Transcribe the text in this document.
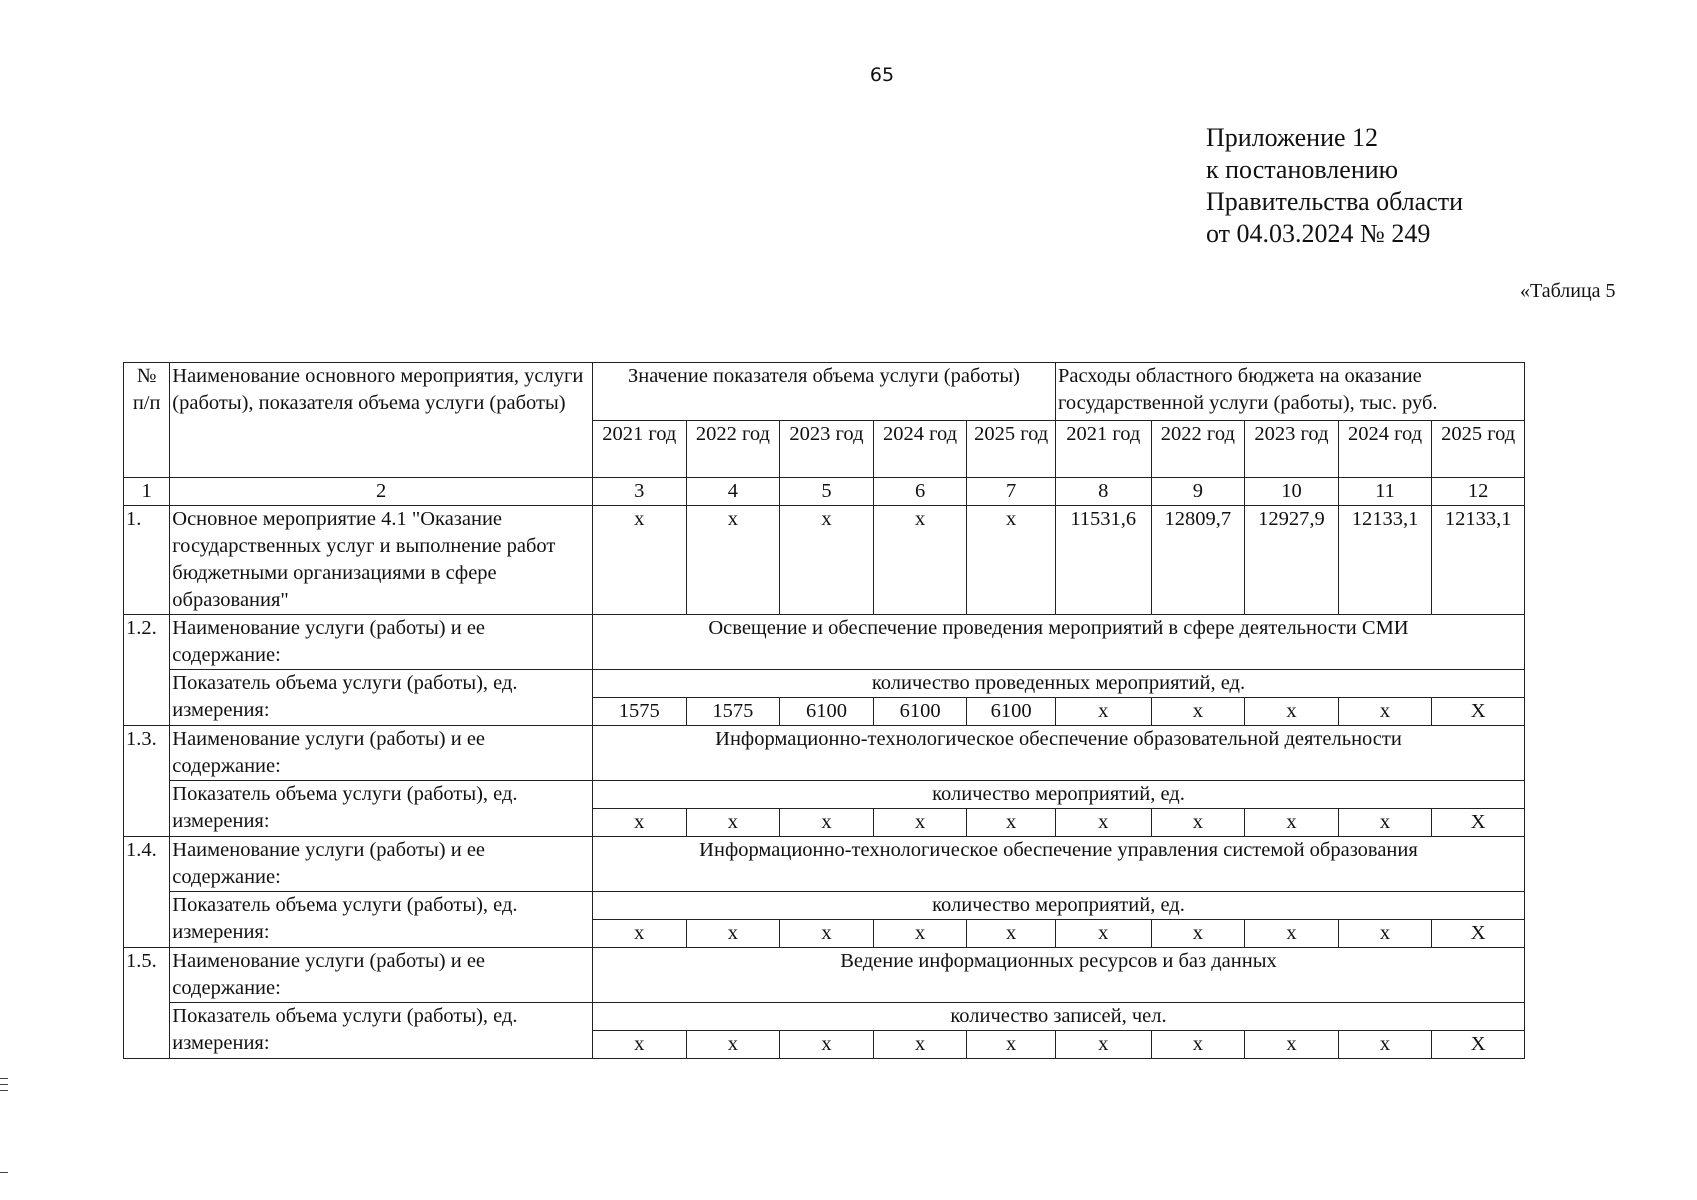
65
Приложение 12
к постановлению
Правительства области
от 04.03.2024 № 249
«Таблица 5
№ п/п	Наименование основного мероприятия, услуги (работы), показателя объема услуги (работы)	Значение показателя объема услуги (работы)					Расходы областного бюджета на оказание государственной услуги (работы), тыс. руб.				
		2021 год	2022 год	2023 год	2024 год	2025 год	2021 год	2022 год	2023 год	2024 год	2025 год
1	2	3	4	5	6	7	8	9	10	11	12
1.	Основное мероприятие 4.1 "Оказание государственных услуг и выполнение работ бюджетными организациями в сфере образования"	х	х	х	х	х	11531,6	12809,7	12927,9	12133,1	12133,1
1.2.	Наименование услуги (работы) и ее содержание:	Освещение и обеспечение проведения мероприятий в сфере деятельности СМИ									
	Показатель объема услуги (работы), ед. измерения:	количество проведенных мероприятий, ед.									
		1575	1575	6100	6100	6100	х	х	х	х	Х
1.3.	Наименование услуги (работы) и ее содержание:	Информационно-технологическое обеспечение образовательной деятельности									
	Показатель объема услуги (работы), ед. измерения:	количество мероприятий, ед.									
		х	х	х	х	х	х	х	х	х	Х
1.4.	Наименование услуги (работы) и ее содержание:	Информационно-технологическое обеспечение управления системой образования									
	Показатель объема услуги (работы), ед. измерения:	количество мероприятий, ед.									
		х	х	х	х	х	х	х	х	х	Х
1.5.	Наименование услуги (работы) и ее содержание:	Ведение информационных ресурсов и баз данных									
	Показатель объема услуги (работы), ед. измерения:	количество записей, чел.									
		х	х	х	х	х	х	х	х	х	Х
